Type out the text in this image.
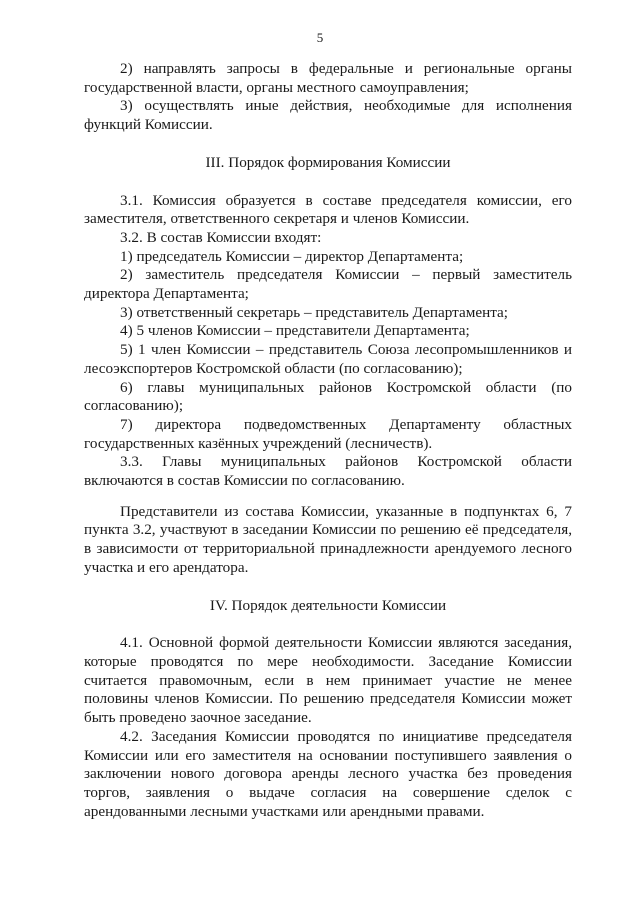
5

2) направлять запросы в федеральные и региональные органы государственной власти, органы местного самоуправления;

3) осуществлять иные действия, необходимые для исполнения функций Комиссии.

III. Порядок формирования Комиссии

3.1. Комиссия образуется в составе председателя комиссии, его заместителя, ответственного секретаря и членов Комиссии.

3.2. В состав Комиссии входят:

1) председатель Комиссии – директор Департамента;

2) заместитель председателя Комиссии – первый заместитель директора Департамента;

3) ответственный секретарь – представитель Департамента;

4) 5 членов Комиссии – представители Департамента;

5) 1 член Комиссии – представитель Союза лесопромышленников и лесоэкспортеров Костромской области (по согласованию);

6) главы муниципальных районов Костромской области (по согласованию);

7) директора подведомственных Департаменту областных государственных казённых учреждений (лесничеств).

3.3. Главы муниципальных районов Костромской области включаются в состав Комиссии по согласованию.

Представители из состава Комиссии, указанные в подпунктах 6, 7 пункта 3.2, участвуют в заседании Комиссии по решению её председателя, в зависимости от территориальной принадлежности арендуемого лесного участка и его арендатора.

IV. Порядок деятельности Комиссии

4.1. Основной формой деятельности Комиссии являются заседания, которые проводятся по мере необходимости. Заседание Комиссии считается правомочным, если в нем принимает участие не менее половины членов Комиссии. По решению председателя Комиссии может быть проведено заочное заседание.

4.2. Заседания Комиссии проводятся по инициативе председателя Комиссии или его заместителя на основании поступившего заявления о заключении нового договора аренды лесного участка без проведения торгов, заявления о выдаче согласия на совершение сделок с арендованными лесными участками или арендными правами.
